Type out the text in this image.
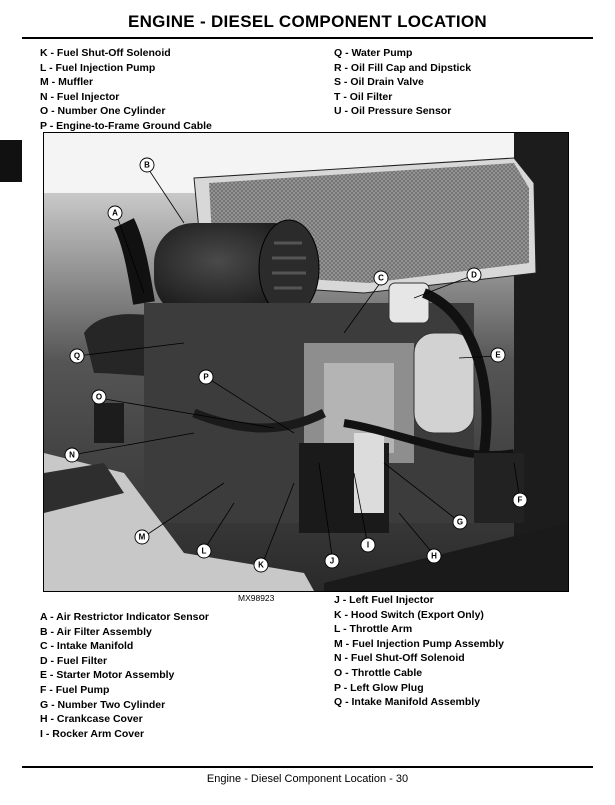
ENGINE - DIESEL COMPONENT LOCATION
K - Fuel Shut-Off Solenoid
L - Fuel Injection Pump
M - Muffler
N - Fuel Injector
O - Number One Cylinder
P - Engine-to-Frame Ground Cable
Q - Water Pump
R - Oil Fill Cap and Dipstick
S - Oil Drain Valve
T - Oil Filter
U - Oil Pressure Sensor
B
A
C	D
E
F
G
H
I
J
K
L
M
N
O
P
Q
MX98923
A - Air Restrictor Indicator Sensor
B - Air Filter Assembly
C - Intake Manifold
D - Fuel Filter
E - Starter Motor Assembly
F - Fuel Pump
G - Number Two Cylinder
H - Crankcase Cover
I - Rocker Arm Cover
J - Left Fuel Injector
K - Hood Switch (Export Only)
L - Throttle Arm
M - Fuel Injection Pump Assembly
N - Fuel Shut-Off Solenoid
O - Throttle Cable
P - Left Glow Plug
Q - Intake Manifold Assembly
Engine - Diesel Component Location - 30
